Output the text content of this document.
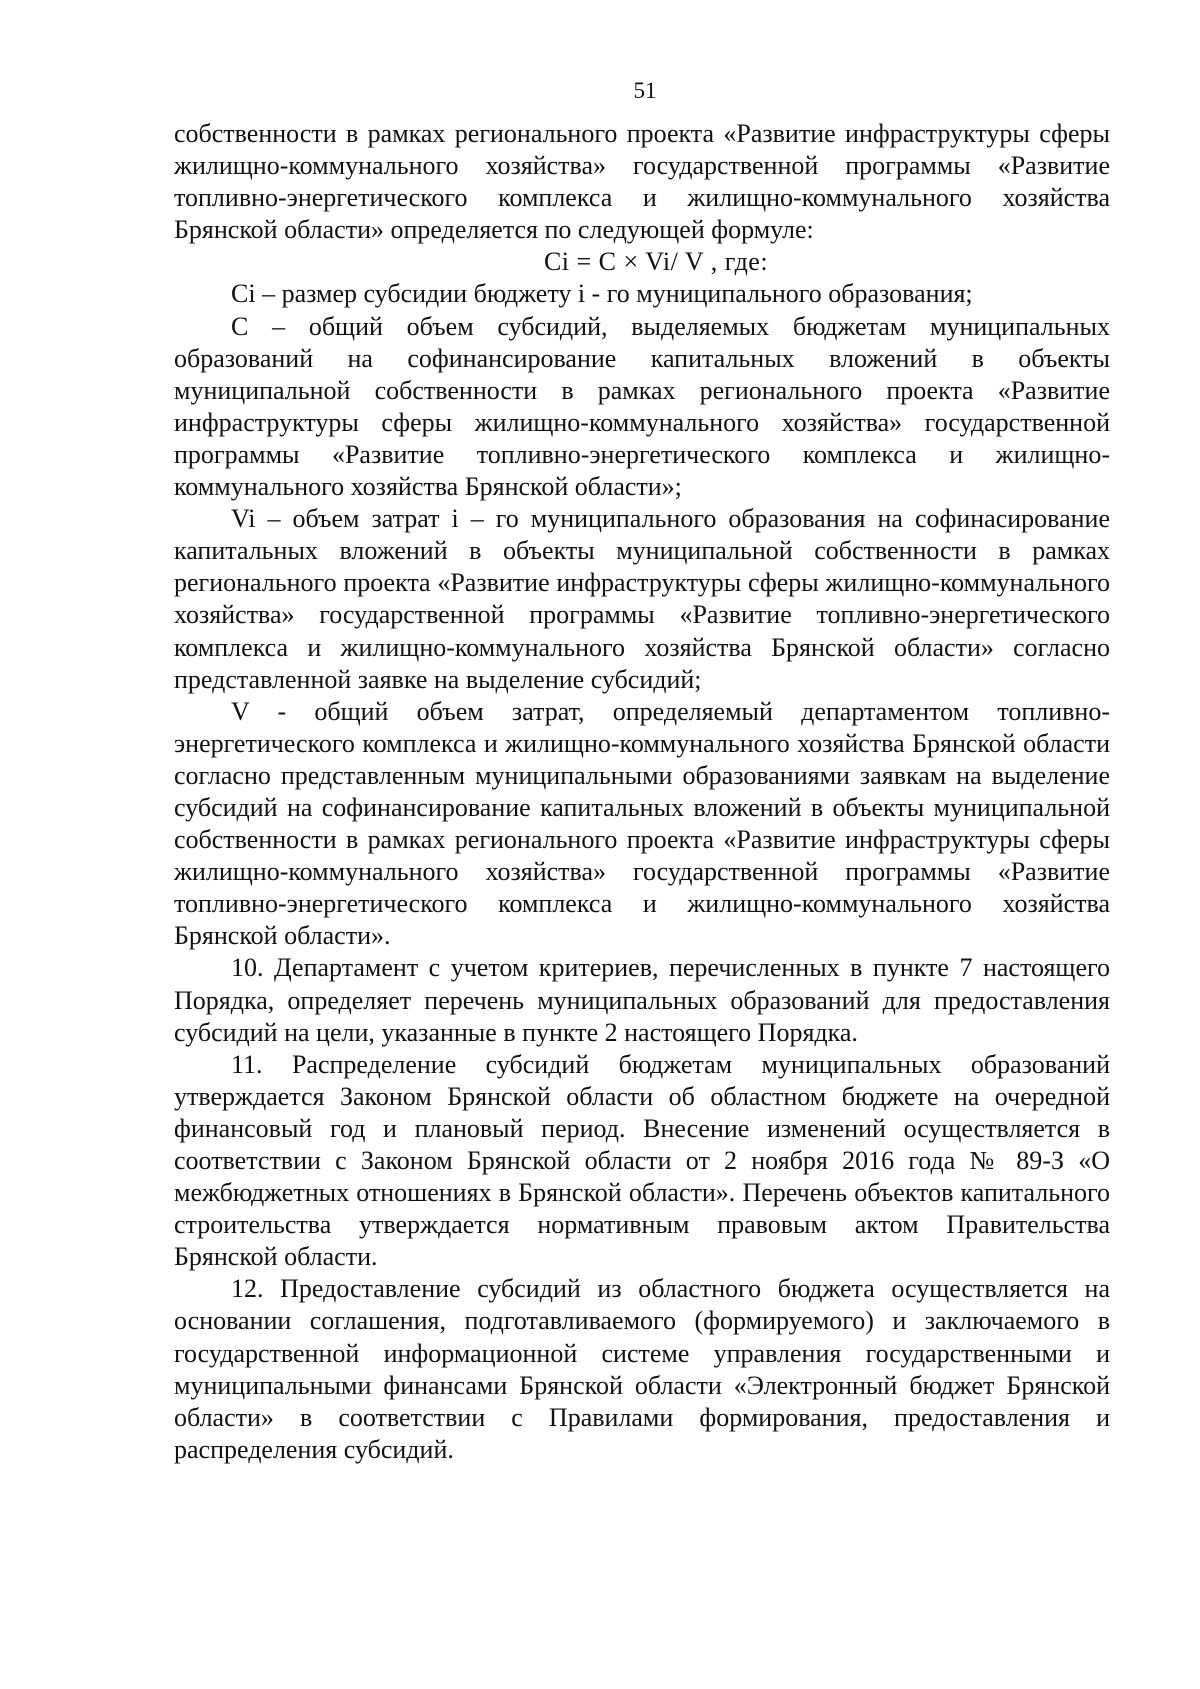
51

собственности в рамках регионального проекта «Развитие инфраструктуры сферы жилищно-коммунального хозяйства» государственной программы «Развитие топливно-энергетического комплекса и жилищно-коммунального хозяйства Брянской области» определяется по следующей формуле:

Ci = C × Vi/ V , где:

Ci – размер субсидии бюджету i - го муниципального образования;

C – общий объем субсидий, выделяемых бюджетам муниципальных образований на софинансирование капитальных вложений в объекты муниципальной собственности в рамках регионального проекта «Развитие инфраструктуры сферы жилищно-коммунального хозяйства» государственной программы «Развитие топливно-энергетического комплекса и жилищно-коммунального хозяйства Брянской области»;

Vi – объем затрат i – го муниципального образования на софинасирование капитальных вложений в объекты муниципальной собственности в рамках регионального проекта «Развитие инфраструктуры сферы жилищно-коммунального хозяйства» государственной программы «Развитие топливно-энергетического комплекса и жилищно-коммунального хозяйства Брянской области» согласно представленной заявке на выделение субсидий;

V - общий объем затрат, определяемый департаментом топливно-энергетического комплекса и жилищно-коммунального хозяйства Брянской области согласно представленным муниципальными образованиями заявкам на выделение субсидий на софинансирование капитальных вложений в объекты муниципальной собственности в рамках регионального проекта «Развитие инфраструктуры сферы жилищно-коммунального хозяйства» государственной программы «Развитие топливно-энергетического комплекса и жилищно-коммунального хозяйства Брянской области».

10. Департамент с учетом критериев, перечисленных в пункте 7 настоящего Порядка, определяет перечень муниципальных образований для предоставления субсидий на цели, указанные в пункте 2 настоящего Порядка.

11. Распределение субсидий бюджетам муниципальных образований утверждается Законом Брянской области об областном бюджете на очередной финансовый год и плановый период. Внесение изменений осуществляется в соответствии с Законом Брянской области от 2 ноября 2016 года № 89-З «О межбюджетных отношениях в Брянской области». Перечень объектов капитального строительства утверждается нормативным правовым актом Правительства Брянской области.

12. Предоставление субсидий из областного бюджета осуществляется на основании соглашения, подготавливаемого (формируемого) и заключаемого в государственной информационной системе управления государственными и муниципальными финансами Брянской области «Электронный бюджет Брянской области» в соответствии с Правилами формирования, предоставления и распределения субсидий.
